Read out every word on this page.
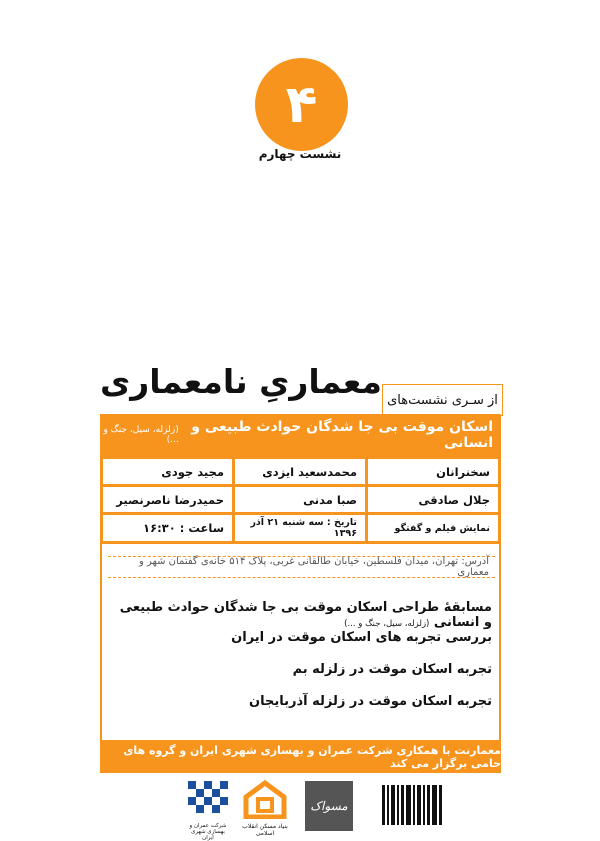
۴
نشست چهارم
معماریِ نامعماری از سـری نشست‌های
اسکان موقت بی جا شدگان حوادث طبیعی و انسانی
(زلزله، سیل، جنگ و ...)
سخنرانان
محمدسعید ایزدی
مجید جودی
جلال صادقی
صبا مدنی
حمیدرضا ناصرنصیر
نمایش فیلم و گفتگو
تاریخ : سه شنبه ۲۱ آذر ۱۳۹۶
ساعت : ۱۶:۳۰
آدرس: تهران، میدان فلسطین، خیابان طالقانی غربی، پلاک ۵۱۴ خانه‌ی گفتمان شهر و معماری
مسابقهٔ طراحی اسکان موقت بی جا شدگان حوادث طبیعی و انسانی (زلزله، سیل، جنگ و ...)
بررسی تجربه های اسکان موقت در ایران
تجربه اسکان موقت در زلزله بم
تجربه اسکان موقت در زلزله آذربایجان
معمارنت با همکاری شرکت عمران و بهسازی شهری ایران و گروه های حامی برگزار می کند
مسواک
بنیاد مسکن انقلاب اسلامی
شرکت عمران و بهسازی شهری ایران
